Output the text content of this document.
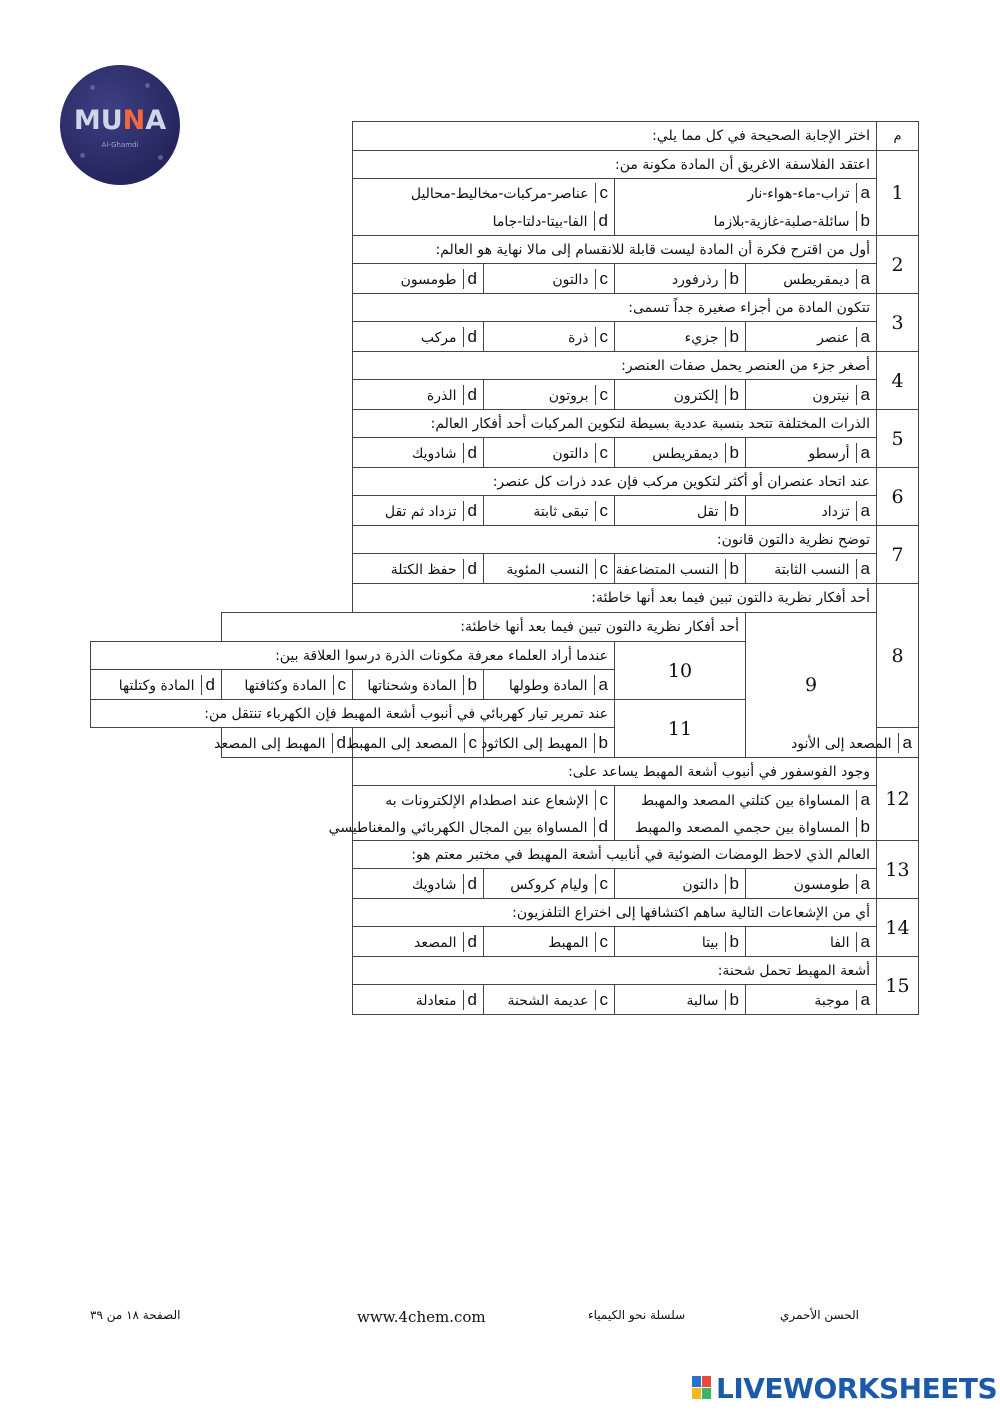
MUNA
Al-Ghamdi
م	اختر الإجابة الصحيحة في كل مما يلي:					
1	اعتقد الفلاسفة الاغريق أن المادة مكونة من:					
	aتراب-ماء-هواء-نار		cعناصر-مركبات-مخاليط-محاليل			
	bسائلة-صلبة-غازية-بلازما		dالفا-بيتا-دلتا-جاما			
2	أول من اقترح فكرة أن المادة ليست قابلة للانقسام إلى مالا نهاية هو العالم:					
	aديمقريطس	bرذرفورد	cدالتون	dطومسون		
3	تتكون المادة من أجزاء صغيرة جداً تسمى:					
	aعنصر	bجزيء	cذرة	dمركب		
4	أصغر جزء من العنصر يحمل صفات العنصر:					
	aنيترون	bإلكترون	cبروتون	dالذرة		
5	الذرات المختلفة تتحد بنسبة عددية بسيطة لتكوين المركبات أحد أفكار العالم:					
	aأرسطو	bديمقريطس	cدالتون	dشادويك		
6	عند اتحاد عنصران أو أكثر لتكوين مركب فإن عدد ذرات كل عنصر:					
	aتزداد	bتقل	cتبقى ثابتة	dتزداد ثم تقل		
7	توضح نظرية دالتون قانون:					
	aالنسب الثابتة	bالنسب المتضاعفة	cالنسب المئوية	dحفظ الكتلة		
8	أحد أفكار نظرية دالتون تبين فيما بعد أنها خاطئة:					
	9	أحد أفكار نظرية دالتون تبين فيما بعد أنها خاطئة:				
		10	عندما أراد العلماء معرفة مكونات الذرة درسوا العلاقة بين:			
			aالمادة وطولها	bالمادة وشحناتها	cالمادة وكثافتها	dالمادة وكتلتها
		11	عند تمرير تيار كهربائي في أنبوب أشعة المهبط فإن الكهرباء تنتقل من:			
aالمصعد إلى الأنود			bالمهبط إلى الكاثود	cالمصعد إلى المهبط	dالمهبط إلى المصعد	
12	وجود الفوسفور في أنبوب أشعة المهبط يساعد على:					
	aالمساواة بين كتلتي المصعد والمهبط		cالإشعاع عند اصطدام الإلكترونات به			
	bالمساواة بين حجمي المصعد والمهبط		dالمساواة بين المجال الكهربائي والمغناطيسي			
13	العالم الذي لاحظ الومضات الضوئية في أنابيب أشعة المهبط في مختبر معتم هو:					
	aطومسون	bدالتون	cوليام كروكس	dشادويك		
14	أي من الإشعاعات التالية ساهم اكتشافها إلى اختراع التلفزيون:					
	aالفا	bبيتا	cالمهبط	dالمصعد		
15	أشعة المهبط تحمل شحنة:					
	aموجبة	bسالبة	cعديمة الشحنة	dمتعادلة		
الصفحة ١٨ من ٣٩	www.4chem.com	سلسلة نحو الكيمياء	الحسن الأحمري
LIVEWORKSHEETS
